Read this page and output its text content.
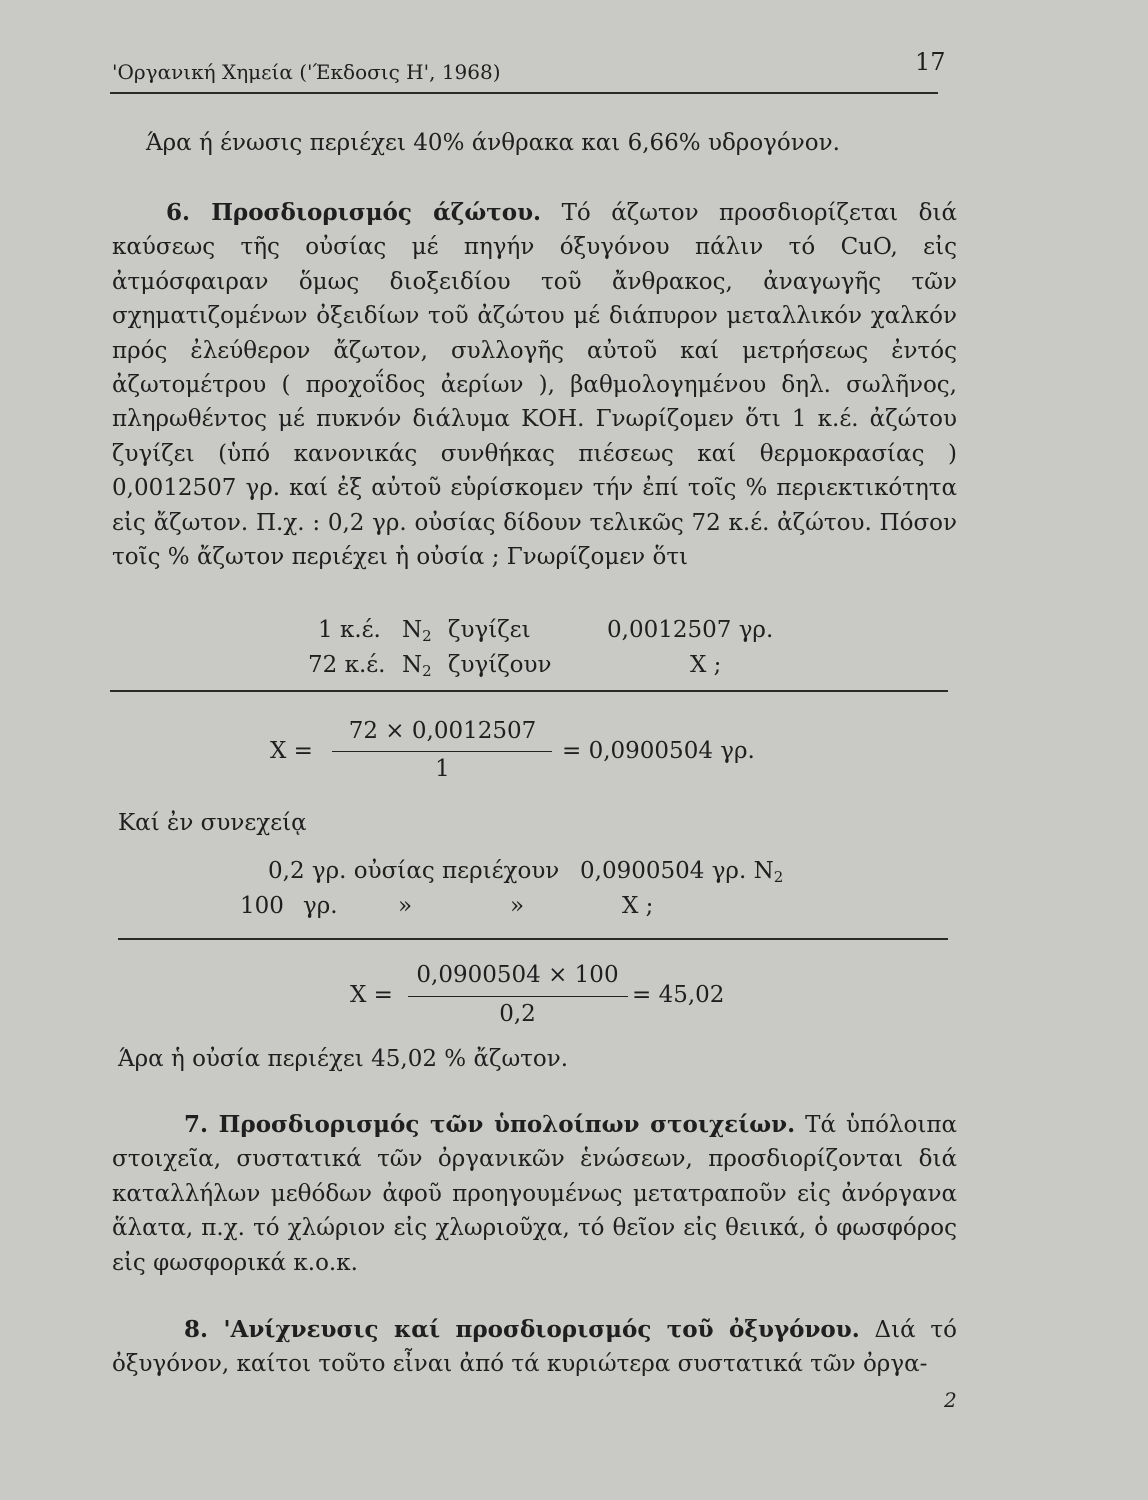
'Οργανική Χημεία ('Έκδοσις Η', 1968)	17
Άρα ή ένωσις περιέχει 40% άνθρακα και 6,66% υδρογόνον.
6. Προσδιορισμός άζώτου. Τό άζωτον προσδιορίζεται διά καύσεως τῆς οὐσίας μέ πηγήν όξυγόνου πάλιν τό CuO, εἰς ἀτμόσφαιραν ὅμως διοξειδίου τοῦ ἄνθρακος, ἀναγωγῆς τῶν σχηματιζομένων ὀξειδίων τοῦ ἀζώτου μέ διάπυρον μεταλλικόν χαλκόν πρός ἐλεύθερον ἄζωτον, συλλογῆς αὐτοῦ καί μετρήσεως ἐντός ἀζωτομέτρου ( προχοΐδος ἀερίων ), βαθμολογημένου δηλ. σωλῆνος, πληρωθέντος μέ πυκνόν διάλυμα ΚΟΗ. Γνωρίζομεν ὅτι 1 κ.έ. ἀζώτου ζυγίζει (ὑπό κανονικάς συνθήκας πιέσεως καί θερμοκρασίας ) 0,0012507 γρ. καί ἐξ αὐτοῦ εὑρίσκομεν τήν ἐπί τοῖς % περιεκτικότητα εἰς ἄζωτον. Π.χ. : 0,2 γρ. οὐσίας δίδουν τελικῶς 72 κ.έ. ἀζώτου. Πόσον τοῖς % ἄζωτον περιέχει ἡ οὐσία ; Γνωρίζομεν ὅτι
1 κ.έ. $N_2$ ζυγίζει	0,0012507 γρ.
72 κ.έ. $N_2$ ζυγίζουν	X ;
X =
72 × 0,0012507
1
= 0,0900504 γρ.
Καί ἐν συνεχείᾳ
0,2 γρ. οὐσίας περιέχουν 0,0900504 γρ. $N_2$
100 γρ.	»	»	X ;
X =
0,0900504 × 100
0,2
= 45,02
Άρα ἡ οὐσία περιέχει 45,02 % ἄζωτον.
7. Προσδιορισμός τῶν ὑπολοίπων στοιχείων. Τά ὑπόλοιπα στοιχεῖα, συστατικά τῶν ὀργανικῶν ἑνώσεων, προσδιορίζονται διά καταλλήλων μεθόδων ἀφοῦ προηγουμένως μετατραποῦν εἰς ἀνόργανα ἅλατα, π.χ. τό χλώριον εἰς χλωριοῦχα, τό θεῖον εἰς θειικά, ὁ φωσφόρος εἰς φωσφορικά κ.ο.κ.
8. 'Ανίχνευσις καί προσδιορισμός τοῦ ὀξυγόνου. Διά τό ὀξυγόνον, καίτοι τοῦτο εἶναι ἀπό τά κυριώτερα συστατικά τῶν ὀργα-
2
